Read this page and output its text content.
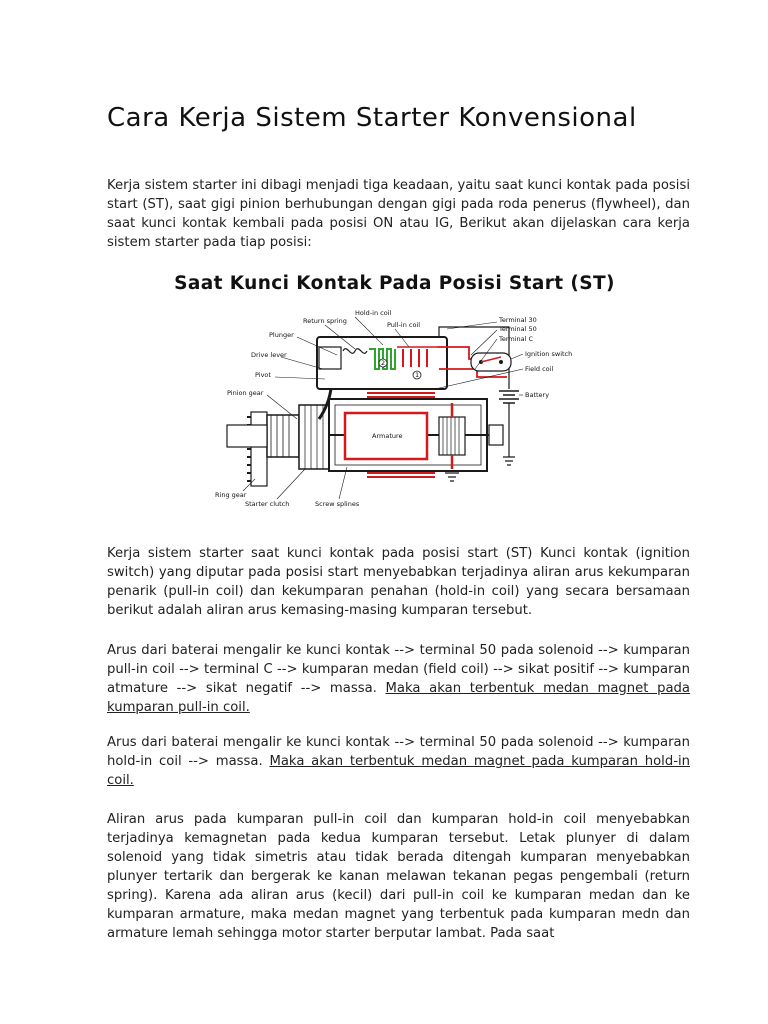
Cara Kerja Sistem Starter Konvensional

Kerja sistem starter ini dibagi menjadi tiga keadaan, yaitu saat kunci kontak pada posisi start (ST), saat gigi pinion berhubungan dengan gigi pada roda penerus (flywheel), dan saat kunci kontak kembali pada posisi ON atau IG, Berikut akan dijelaskan cara kerja sistem starter pada tiap posisi:

Saat Kunci Kontak Pada Posisi Start (ST)
2
1
Hold-in coil
Return spring	Pull-in coil
Plunger
Drive lever
Pivot
Pinion gear
Ring gear
Starter clutch	Screw splines
Armature
Terminal 30
Terminal 50
Terminal C
Ignition switch
Field coil
Battery

Kerja sistem starter saat kunci kontak pada posisi start (ST) Kunci kontak (ignition switch) yang diputar pada posisi start menyebabkan terjadinya aliran arus kekumparan penarik (pull-in coil) dan kekumparan penahan (hold-in coil) yang secara bersamaan berikut adalah aliran arus kemasing-masing kumparan tersebut.

Arus dari baterai mengalir ke kunci kontak --> terminal 50 pada solenoid --> kumparan pull-in coil --> terminal C --> kumparan medan (field coil) --> sikat positif --> kumparan atmature --> sikat negatif --> massa. Maka akan terbentuk medan magnet pada kumparan pull-in coil.

Arus dari baterai mengalir ke kunci kontak --> terminal 50 pada solenoid --> kumparan hold-in coil --> massa. Maka akan terbentuk medan magnet pada kumparan hold-in coil.

Aliran arus pada kumparan pull-in coil dan kumparan hold-in coil menyebabkan terjadinya kemagnetan pada kedua kumparan tersebut. Letak plunyer di dalam solenoid yang tidak simetris atau tidak berada ditengah kumparan menyebabkan plunyer tertarik dan bergerak ke kanan melawan tekanan pegas pengembali (return spring). Karena ada aliran arus (kecil) dari pull-in coil ke kumparan medan dan ke kumparan armature, maka medan magnet yang terbentuk pada kumparan medn dan armature lemah sehingga motor starter berputar lambat. Pada saat
